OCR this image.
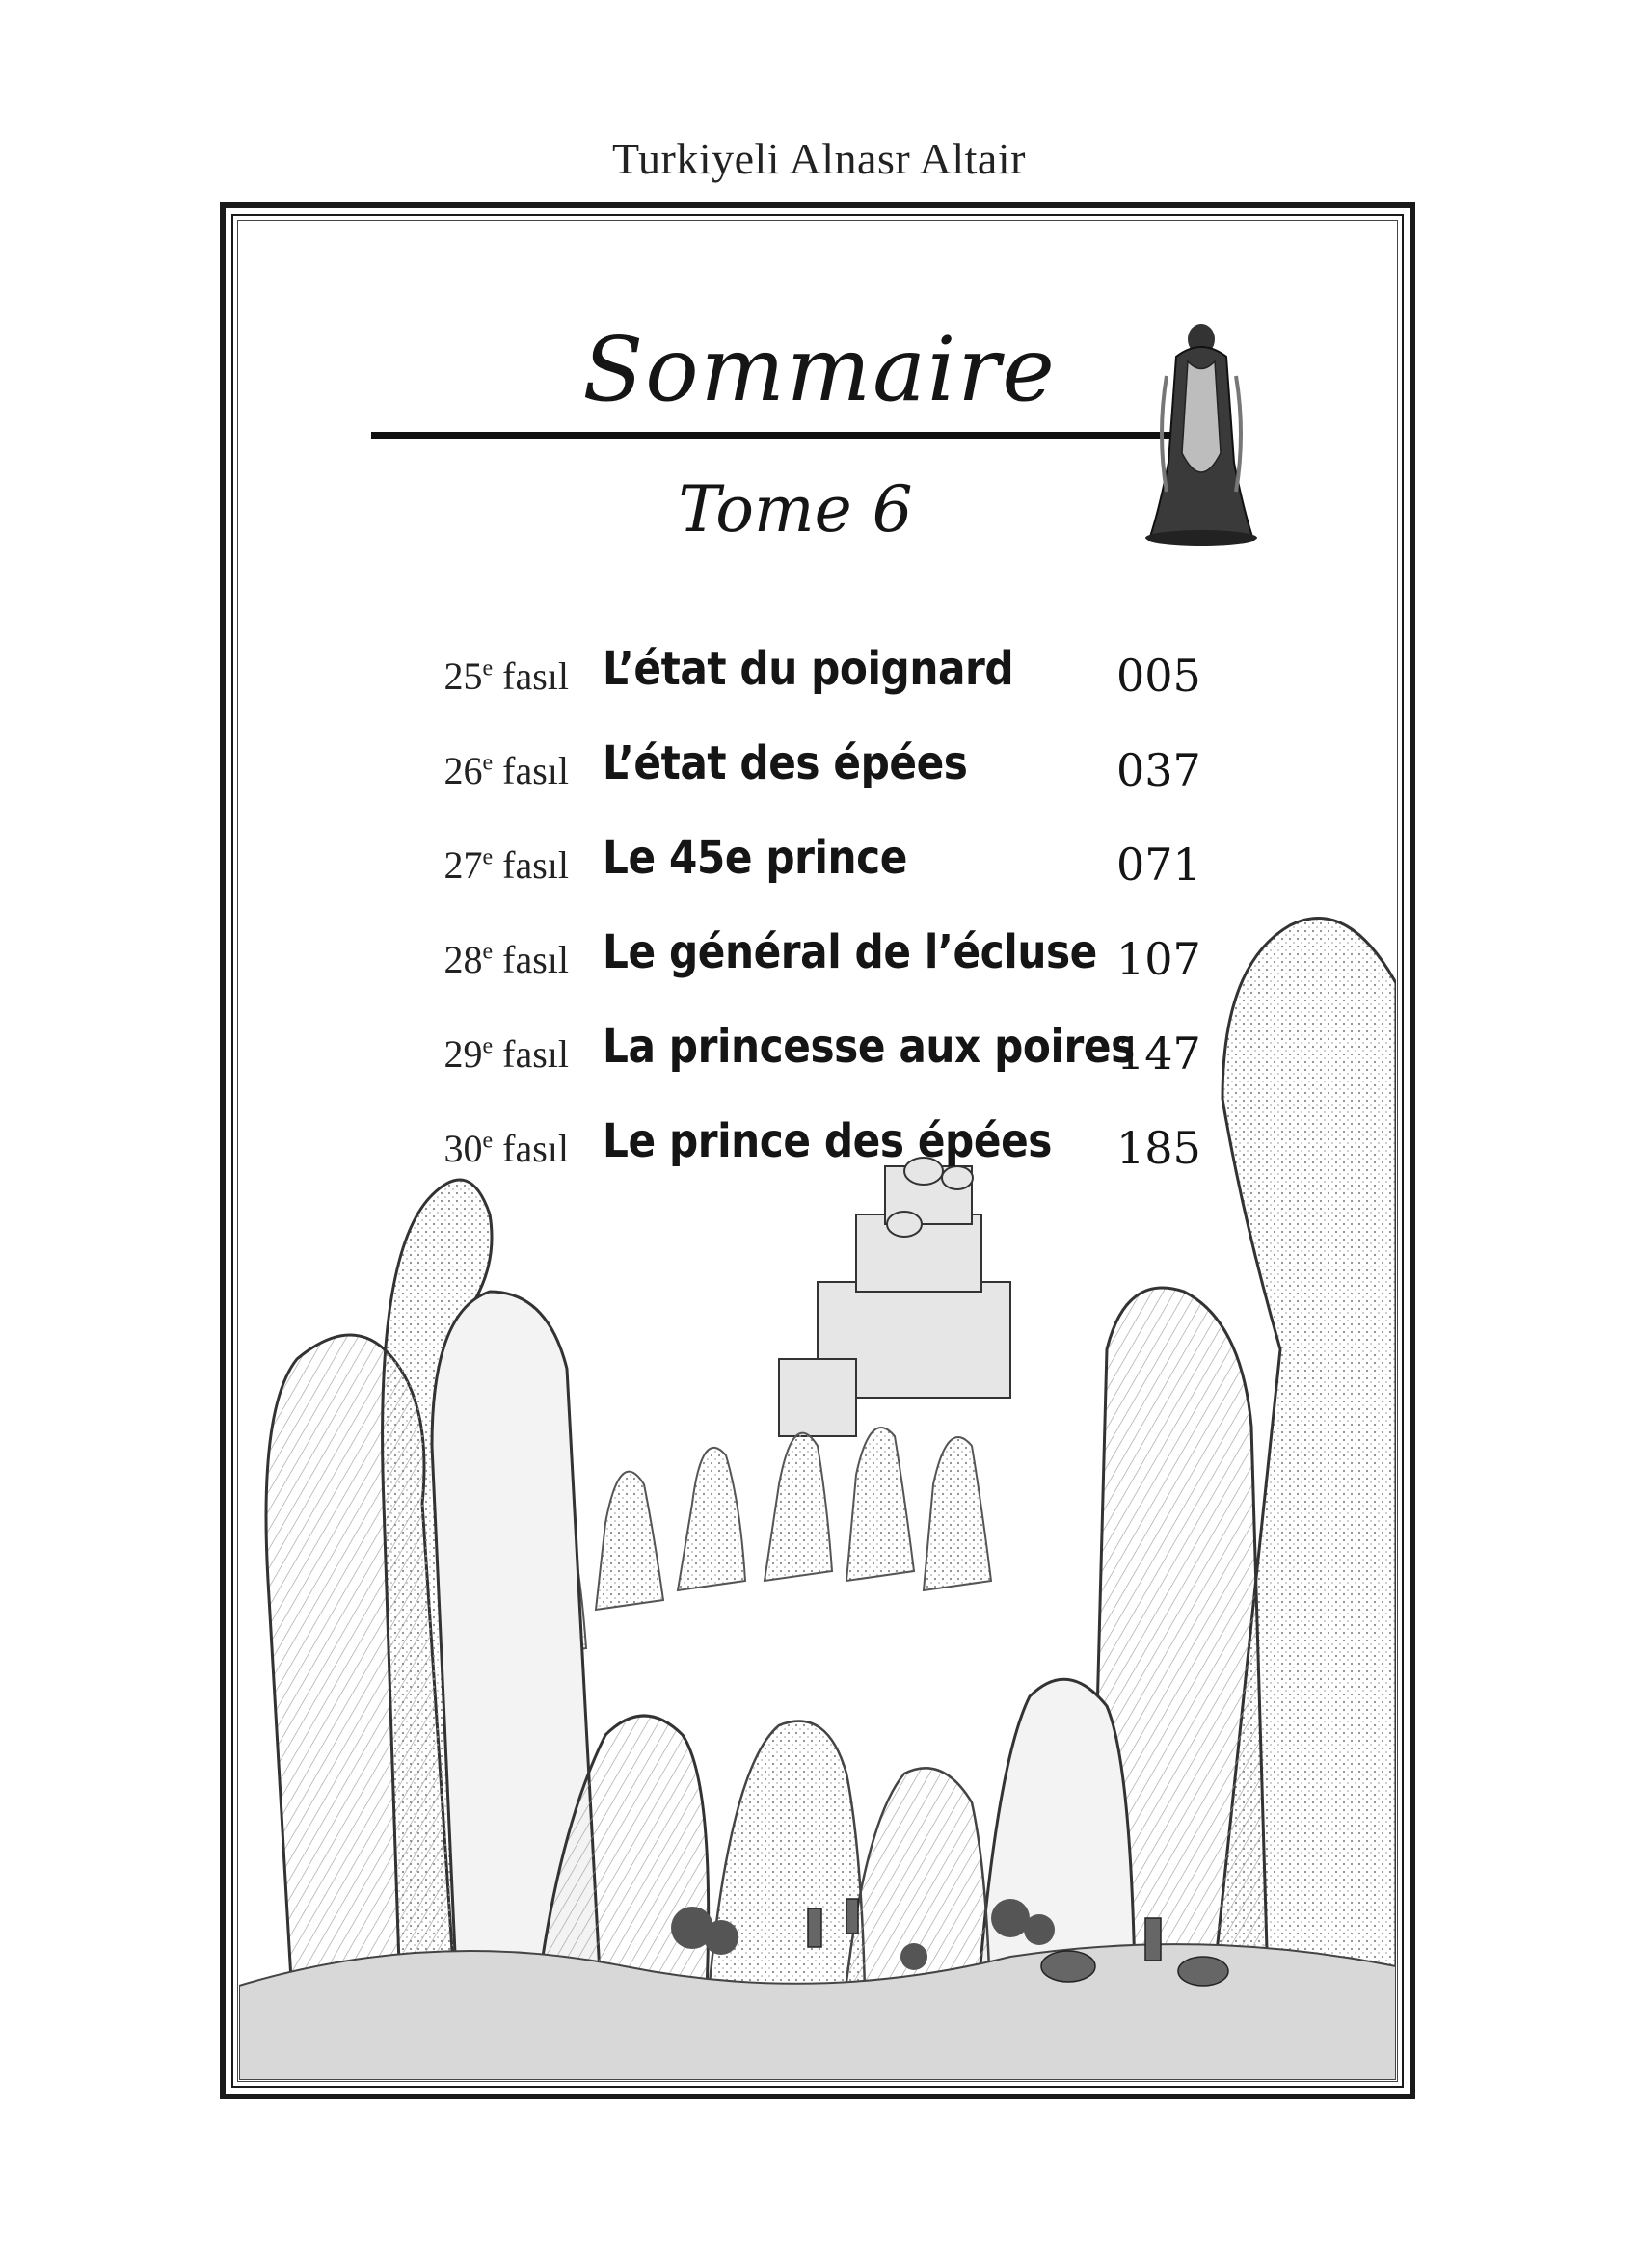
Turkiyeli Alnasr Altair
Sommaire
Tome 6
25e fasıl L’état du poignard 005
26e fasıl L’état des épées	037
27e fasıl Le 45e prince	071
28e fasıl Le général de l’écluse 107
29e fasıl La princesse aux poires
147
30e fasıl Le prince des épées 185
